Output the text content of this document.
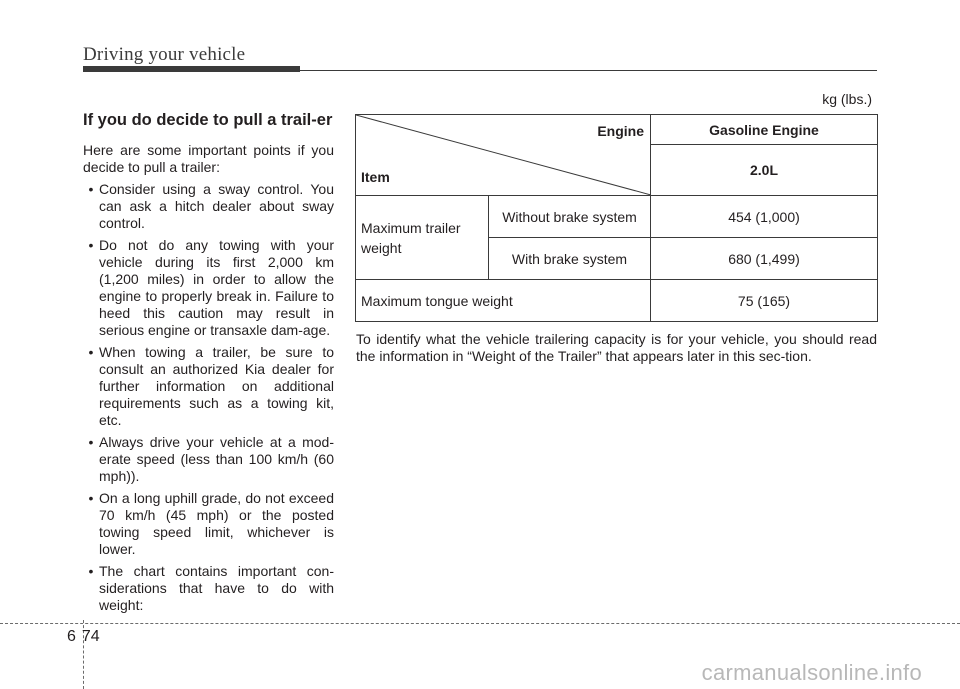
Driving your vehicle
If you do decide to pull a trail-er

Here are some important points if you decide to pull a trailer:

• Consider using a sway control. You can ask a hitch dealer about sway control.
• Do not do any towing with your vehicle during its first 2,000 km (1,200 miles) in order to allow the engine to properly break in. Failure to heed this caution may result in serious engine or transaxle dam-age.
• When towing a trailer, be sure to consult an authorized Kia dealer for further information on additional requirements such as a towing kit, etc.
• Always drive your vehicle at a mod-erate speed (less than 100 km/h (60 mph)).
• On a long uphill grade, do not exceed 70 km/h (45 mph) or the posted towing speed limit, whichever is lower.
• The chart contains important con-siderations that have to do with weight:

kg (lbs.)

Engine
Item		Gasoline Engine
		2.0L
Maximum trailer weight	Without brake system	454 (1,000)
	With brake system	680 (1,499)
Maximum tongue weight		75 (165)

To identify what the vehicle trailering capacity is for your vehicle, you should read the information in “Weight of the Trailer” that appears later in this sec-tion.

6 74

carmanualsonline.info
